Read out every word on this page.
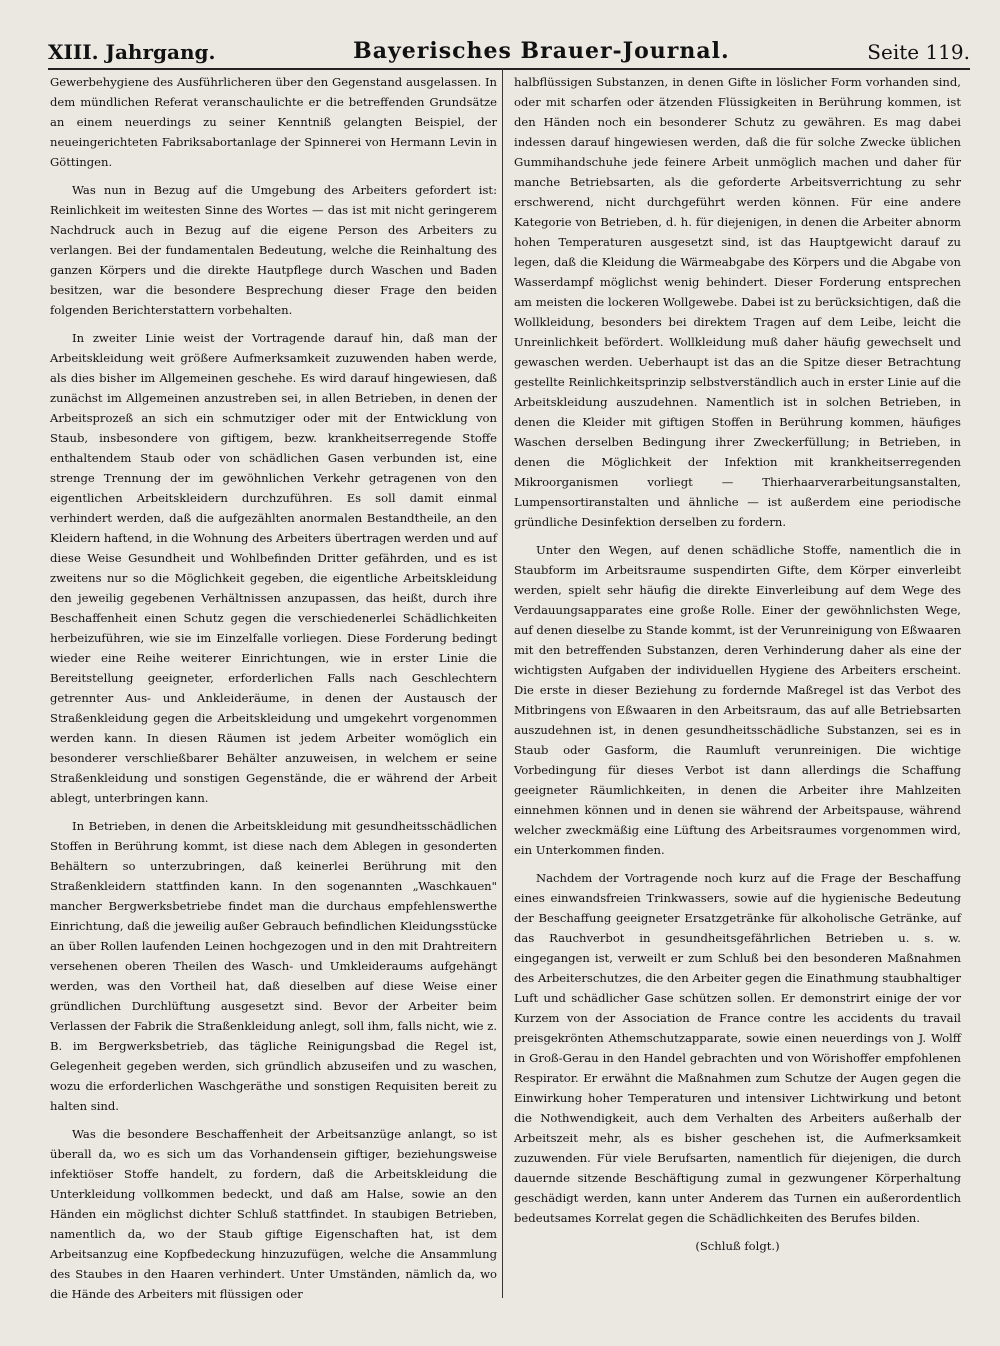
XIII. Jahrgang.	Bayerisches Brauer-Journal.	Seite 119.

Gewerbehygiene des Ausführlicheren über den Gegenstand ausgelassen. In dem mündlichen Referat veranschaulichte er die betreffenden Grundsätze an einem neuerdings zu seiner Kenntniß gelangten Beispiel, der neueingerichteten Fabriksabortanlage der Spinnerei von Hermann Levin in Göttingen.

Was nun in Bezug auf die Umgebung des Arbeiters gefordert ist: Reinlichkeit im weitesten Sinne des Wortes — das ist mit nicht geringerem Nachdruck auch in Bezug auf die eigene Person des Arbeiters zu verlangen. Bei der fundamentalen Bedeutung, welche die Reinhaltung des ganzen Körpers und die direkte Hautpflege durch Waschen und Baden besitzen, war die besondere Besprechung dieser Frage den beiden folgenden Berichterstattern vorbehalten.

In zweiter Linie weist der Vortragende darauf hin, daß man der Arbeitskleidung weit größere Aufmerksamkeit zuzuwenden haben werde, als dies bisher im Allgemeinen geschehe. Es wird darauf hingewiesen, daß zunächst im Allgemeinen anzustreben sei, in allen Betrieben, in denen der Arbeitsprozeß an sich ein schmutziger oder mit der Entwicklung von Staub, insbesondere von giftigem, bezw. krankheitserregende Stoffe enthaltendem Staub oder von schädlichen Gasen verbunden ist, eine strenge Trennung der im gewöhnlichen Verkehr getragenen von den eigentlichen Arbeitskleidern durchzuführen. Es soll damit einmal verhindert werden, daß die aufgezählten anormalen Bestandtheile, an den Kleidern haftend, in die Wohnung des Arbeiters übertragen werden und auf diese Weise Gesundheit und Wohlbefinden Dritter gefährden, und es ist zweitens nur so die Möglichkeit gegeben, die eigentliche Arbeitskleidung den jeweilig gegebenen Verhältnissen anzupassen, das heißt, durch ihre Beschaffenheit einen Schutz gegen die verschiedenerlei Schädlichkeiten herbeizuführen, wie sie im Einzelfalle vorliegen. Diese Forderung bedingt wieder eine Reihe weiterer Einrichtungen, wie in erster Linie die Bereitstellung geeigneter, erforderlichen Falls nach Geschlechtern getrennter Aus- und Ankleideräume, in denen der Austausch der Straßenkleidung gegen die Arbeitskleidung und umgekehrt vorgenommen werden kann. In diesen Räumen ist jedem Arbeiter womöglich ein besonderer verschließbarer Behälter anzuweisen, in welchem er seine Straßenkleidung und sonstigen Gegenstände, die er während der Arbeit ablegt, unterbringen kann.

In Betrieben, in denen die Arbeitskleidung mit gesundheitsschädlichen Stoffen in Berührung kommt, ist diese nach dem Ablegen in gesonderten Behältern so unterzubringen, daß keinerlei Berührung mit den Straßenkleidern stattfinden kann. In den sogenannten „Waschkauen" mancher Bergwerksbetriebe findet man die durchaus empfehlenswerthe Einrichtung, daß die jeweilig außer Gebrauch befindlichen Kleidungsstücke an über Rollen laufenden Leinen hochgezogen und in den mit Drahtreitern versehenen oberen Theilen des Wasch- und Umkleideraums aufgehängt werden, was den Vortheil hat, daß dieselben auf diese Weise einer gründlichen Durchlüftung ausgesetzt sind. Bevor der Arbeiter beim Verlassen der Fabrik die Straßenkleidung anlegt, soll ihm, falls nicht, wie z. B. im Bergwerksbetrieb, das tägliche Reinigungsbad die Regel ist, Gelegenheit gegeben werden, sich gründlich abzuseifen und zu waschen, wozu die erforderlichen Waschgeräthe und sonstigen Requisiten bereit zu halten sind.

Was die besondere Beschaffenheit der Arbeitsanzüge anlangt, so ist überall da, wo es sich um das Vorhandensein giftiger, beziehungsweise infektiöser Stoffe handelt, zu fordern, daß die Arbeitskleidung die Unterkleidung vollkommen bedeckt, und daß am Halse, sowie an den Händen ein möglichst dichter Schluß stattfindet. In staubigen Betrieben, namentlich da, wo der Staub giftige Eigenschaften hat, ist dem Arbeitsanzug eine Kopfbedeckung hinzuzufügen, welche die Ansammlung des Staubes in den Haaren verhindert. Unter Umständen, nämlich da, wo die Hände des Arbeiters mit flüssigen oder

halbflüssigen Substanzen, in denen Gifte in löslicher Form vorhanden sind, oder mit scharfen oder ätzenden Flüssigkeiten in Berührung kommen, ist den Händen noch ein besonderer Schutz zu gewähren. Es mag dabei indessen darauf hingewiesen werden, daß die für solche Zwecke üblichen Gummihandschuhe jede feinere Arbeit unmöglich machen und daher für manche Betriebsarten, als die geforderte Arbeitsverrichtung zu sehr erschwerend, nicht durchgeführt werden können. Für eine andere Kategorie von Betrieben, d. h. für diejenigen, in denen die Arbeiter abnorm hohen Temperaturen ausgesetzt sind, ist das Hauptgewicht darauf zu legen, daß die Kleidung die Wärmeabgabe des Körpers und die Abgabe von Wasserdampf möglichst wenig behindert. Dieser Forderung entsprechen am meisten die lockeren Wollgewebe. Dabei ist zu berücksichtigen, daß die Wollkleidung, besonders bei direktem Tragen auf dem Leibe, leicht die Unreinlichkeit befördert. Wollkleidung muß daher häufig gewechselt und gewaschen werden. Ueberhaupt ist das an die Spitze dieser Betrachtung gestellte Reinlichkeitsprinzip selbstverständlich auch in erster Linie auf die Arbeitskleidung auszudehnen. Namentlich ist in solchen Betrieben, in denen die Kleider mit giftigen Stoffen in Berührung kommen, häufiges Waschen derselben Bedingung ihrer Zweckerfüllung; in Betrieben, in denen die Möglichkeit der Infektion mit krankheitserregenden Mikroorganismen vorliegt — Thierhaarverarbeitungsanstalten, Lumpensortiranstalten und ähnliche — ist außerdem eine periodische gründliche Desinfektion derselben zu fordern.

Unter den Wegen, auf denen schädliche Stoffe, namentlich die in Staubform im Arbeitsraume suspendirten Gifte, dem Körper einverleibt werden, spielt sehr häufig die direkte Einverleibung auf dem Wege des Verdauungsapparates eine große Rolle. Einer der gewöhnlichsten Wege, auf denen dieselbe zu Stande kommt, ist der Verunreinigung von Eßwaaren mit den betreffenden Substanzen, deren Verhinderung daher als eine der wichtigsten Aufgaben der individuellen Hygiene des Arbeiters erscheint. Die erste in dieser Beziehung zu fordernde Maßregel ist das Verbot des Mitbringens von Eßwaaren in den Arbeitsraum, das auf alle Betriebsarten auszudehnen ist, in denen gesundheitsschädliche Substanzen, sei es in Staub oder Gasform, die Raumluft verunreinigen. Die wichtige Vorbedingung für dieses Verbot ist dann allerdings die Schaffung geeigneter Räumlichkeiten, in denen die Arbeiter ihre Mahlzeiten einnehmen können und in denen sie während der Arbeitspause, während welcher zweckmäßig eine Lüftung des Arbeitsraumes vorgenommen wird, ein Unterkommen finden.

Nachdem der Vortragende noch kurz auf die Frage der Beschaffung eines einwandsfreien Trinkwassers, sowie auf die hygienische Bedeutung der Beschaffung geeigneter Ersatzgetränke für alkoholische Getränke, auf das Rauchverbot in gesundheitsgefährlichen Betrieben u. s. w. eingegangen ist, verweilt er zum Schluß bei den besonderen Maßnahmen des Arbeiterschutzes, die den Arbeiter gegen die Einathmung staubhaltiger Luft und schädlicher Gase schützen sollen. Er demonstrirt einige der vor Kurzem von der Association de France contre les accidents du travail preisgekrönten Athemschutzapparate, sowie einen neuerdings von J. Wolff in Groß-Gerau in den Handel gebrachten und von Wörishoffer empfohlenen Respirator. Er erwähnt die Maßnahmen zum Schutze der Augen gegen die Einwirkung hoher Temperaturen und intensiver Lichtwirkung und betont die Nothwendigkeit, auch dem Verhalten des Arbeiters außerhalb der Arbeitszeit mehr, als es bisher geschehen ist, die Aufmerksamkeit zuzuwenden. Für viele Berufsarten, namentlich für diejenigen, die durch dauernde sitzende Beschäftigung zumal in gezwungener Körperhaltung geschädigt werden, kann unter Anderem das Turnen ein außerordentlich bedeutsames Korrelat gegen die Schädlichkeiten des Berufes bilden.

(Schluß folgt.)
